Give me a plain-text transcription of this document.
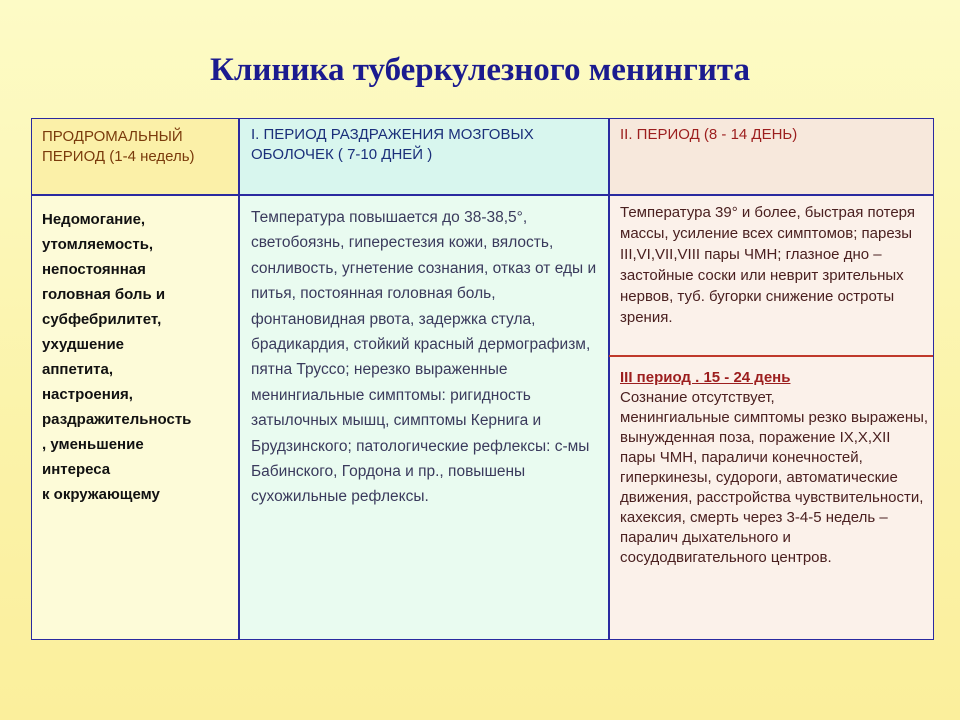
Клиника туберкулезного менингита
ПРОДРОМАЛЬНЫЙ ПЕРИОД (1-4 недель)
I. ПЕРИОД РАЗДРАЖЕНИЯ МОЗГОВЫХ ОБОЛОЧЕК ( 7-10 ДНЕЙ )
II. ПЕРИОД (8 - 14 ДЕНЬ)
Недомогание,
утомляемость,
непостоянная
головная боль и
субфебрилитет,
ухудшение
аппетита,
настроения,
раздражительность
, уменьшение
интереса
к окружающему
Температура повышается до 38-38,5°, светобоязнь, гиперестезия кожи, вялость, сонливость, угнетение сознания, отказ от еды и питья, постоянная головная боль, фонтановидная рвота, задержка стула, брадикардия, стойкий красный дермографизм, пятна Труссо; нерезко выраженные менингиальные симптомы: ригидность затылочных мышц, симптомы Кернига и Брудзинского; патологические рефлексы: с-мы Бабинского, Гордона и пр., повышены сухожильные рефлексы.
Температура 39° и более, быстрая потеря массы, усиление всех симптомов; парезы III,VI,VII,VIII пары ЧМН; глазное дно – застойные соски или неврит зрительных нервов, туб. бугорки снижение остроты зрения.
III период . 15 - 24 день
Сознание отсутствует,
менингиальные симптомы резко выражены, вынужденная поза, поражение IX,X,XII пары ЧМН, параличи конечностей, гиперкинезы, судороги, автоматические движения, расстройства чувствительности, кахексия, смерть через 3-4-5 недель – паралич дыхательного и сосудодвигательного центров.
